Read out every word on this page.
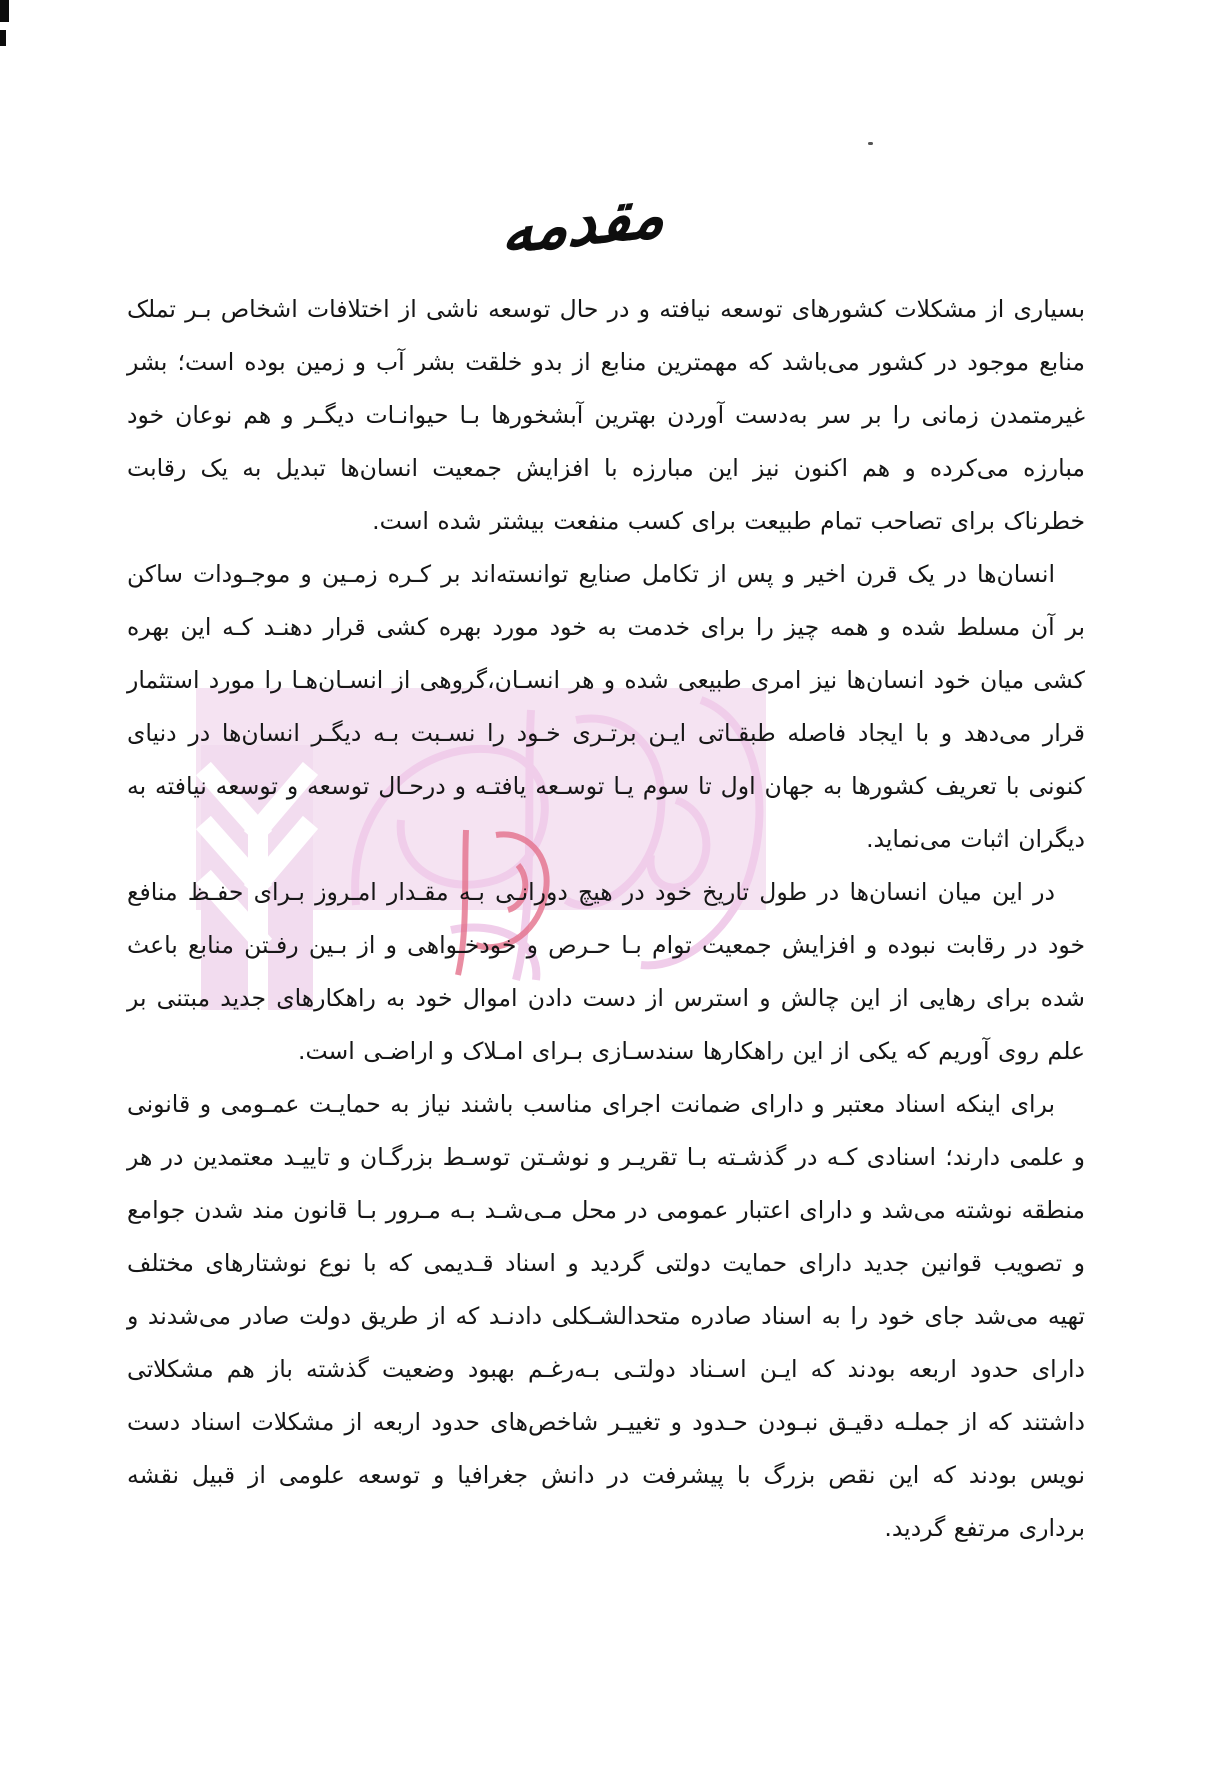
مقدمه

بسیاری از مشکلات کشورهای توسعه نیافته و در حال توسعه ناشی از اختلافات اشخاص بـر تملک منابع موجود در کشور می‌باشد که مهمترین منابع از بدو خلقت بشر آب و زمین بوده است؛ بشر غیرمتمدن زمانی را بر سر به‌دست آوردن بهترین آبشخورها بـا حیوانـات دیگـر و هم نوعان خود مبارزه می‌کرده و هم اکنون نیز این مبارزه با افزایش جمعیت انسان‌ها تبدیل به یک رقابت خطرناک برای تصاحب تمام طبیعت برای کسب منفعت بیشتر شده است.

انسان‌ها در یک قرن اخیر و پس از تکامل صنایع توانسته‌اند بر کـره زمـین و موجـودات ساکن بر آن مسلط شده و همه چیز را برای خدمت به خود مورد بهره کشی قرار دهنـد کـه این بهره کشی میان خود انسان‌ها نیز امری طبیعی شده و هر انسـان،گروهی از انسـان‌هـا را مورد استثمار قرار می‌دهد و با ایجاد فاصله طبقـاتی ایـن برتـری خـود را نسـبت بـه دیگـر انسان‌ها در دنیای کنونی با تعریف کشورها به جهان اول تا سوم یـا توسـعه یافتـه و درحـال توسعه و توسعه نیافته به دیگران اثبات می‌نماید.

در این میان انسان‌ها در طول تاریخ خود در هیچ دورانـی بـه مقـدار امـروز بـرای حفـظ منافع خود در رقابت نبوده و افزایش جمعیت توام بـا حـرص و خودخـواهی و از بـین رفـتن منابع باعث شده برای رهایی از این چالش و استرس از دست دادن اموال خود به راهکارهای جدید مبتنی بر علم روی آوریم که یکی از این راهکارها سندسـازی بـرای امـلاک و اراضـی است.

برای اینکه اسناد معتبر و دارای ضمانت اجرای مناسب باشند نیاز به حمایـت عمـومی و قانونی و علمی دارند؛ اسنادی کـه در گذشـته بـا تقریـر و نوشـتن توسـط بزرگـان و تاییـد معتمدین در هر منطقه نوشته می‌شد و دارای اعتبار عمومی در محل مـی‌شـد بـه مـرور بـا قانون مند شدن جوامع و تصویب قوانین جدید دارای حمایت دولتی گردید و اسناد قـدیمی که با نوع نوشتارهای مختلف تهیه می‌شد جای خود را به اسناد صادره متحدالشـکلی دادنـد که از طریق دولت صادر می‌شدند و دارای حدود اربعه بودند که ایـن اسـناد دولتـی بـه‌رغـم بهبود وضعیت گذشته باز هم مشکلاتی داشتند که از جملـه دقیـق نبـودن حـدود و تغییـر شاخص‌های حدود اربعه از مشکلات اسناد دست نویس بودند که این نقص بزرگ با پیشرفت در دانش جغرافیا و توسعه علومی از قبیل نقشه برداری مرتفع گردید.
